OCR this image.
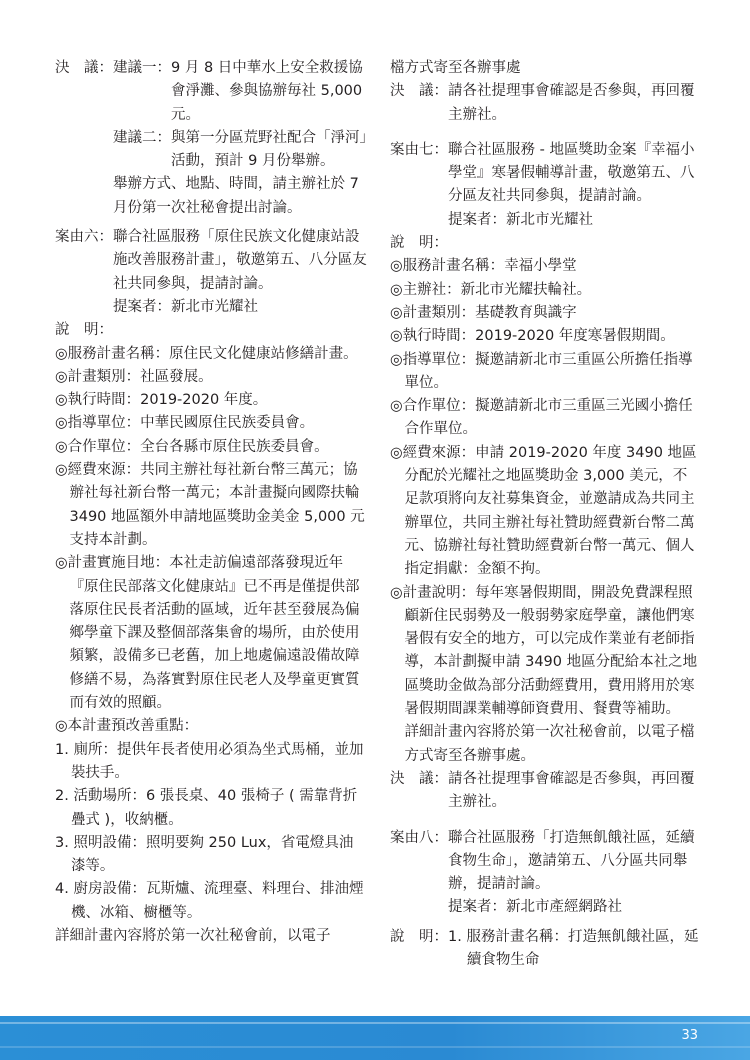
決　議： 建議一： 9 月 8 日中華水上安全救援協會淨灘、參與協辦毎社 5,000 元。
建議二： 與第一分區荒野社配合「淨河」活動，預計 9 月份舉辦。
舉辦方式、地點、時間，請主辦社於 7 月份第一次社秘會提出討論。
案由六： 聯合社區服務「原住民族文化健康站設施改善服務計畫」，敬邀第五、八分區友社共同參與，提請討論。
提案者：新北市光耀社
說　明：
◎服務計畫名稱：原住民文化健康站修繕計畫。
◎計畫類別：社區發展。
◎執行時間：2019-2020 年度。
◎指導單位：中華民國原住民族委員會。
◎合作單位：全台各縣市原住民族委員會。
◎經費來源：共同主辦社每社新台幣三萬元；協辦社每社新台幣一萬元；本計畫擬向國際扶輪 3490 地區額外申請地區獎助金美金 5,000 元支持本計劃。
◎計畫實施目地：本社走訪偏遠部落發現近年『原住民部落文化健康站』已不再是僅提供部落原住民長者活動的區域，近年甚至發展為偏鄉學童下課及整個部落集會的場所，由於使用頻繁，設備多已老舊，加上地處偏遠設備故障修繕不易，為落實對原住民老人及學童更實質而有效的照顧。
◎本計畫預改善重點：
1. 廁所：提供年長者使用必須為坐式馬桶，並加裝扶手。
2. 活動場所：6 張長桌、40 張椅子 ( 需靠背折疊式 )，收納櫃。
3. 照明設備：照明要夠 250 Lux，省電燈具油漆等。
4. 廚房設備：瓦斯爐、流理臺、料理台、排油煙機、冰箱、櫥櫃等。
詳細計畫內容將於第一次社秘會前，以電子
檔方式寄至各辦事處
決　議： 請各社提理事會確認是否參與，再回覆主辦社。
案由七： 聯合社區服務 - 地區獎助金案『幸福小學堂』寒暑假輔導計畫，敬邀第五、八分區友社共同參與，提請討論。
提案者：新北市光耀社
說　明：
◎服務計畫名稱：幸福小學堂
◎主辦社：新北市光耀扶輪社。
◎計畫類別：基礎教育與識字
◎執行時間：2019-2020 年度寒暑假期間。
◎指導單位：擬邀請新北市三重區公所擔任指導單位。
◎合作單位：擬邀請新北市三重區三光國小擔任合作單位。
◎經費來源：申請 2019-2020 年度 3490 地區分配於光耀社之地區獎助金 3,000 美元，不足款項將向友社募集資金，並邀請成為共同主辦單位，共同主辦社每社贊助經費新台幣二萬元、協辦社每社贊助經費新台幣一萬元、個人指定捐獻：金額不拘。
◎計畫說明：每年寒暑假期間，開設免費課程照顧新住民弱勢及一般弱勢家庭學童，讓他們寒暑假有安全的地方，可以完成作業並有老師指導，本計劃擬申請 3490 地區分配給本社之地區獎助金做為部分活動經費用，費用將用於寒暑假期間課業輔導師資費用、餐費等補助。
詳細計畫內容將於第一次社秘會前，以電子檔方式寄至各辦事處。
決　議： 請各社提理事會確認是否參與，再回覆主辦社。
案由八： 聯合社區服務「打造無飢餓社區，延續食物生命」，邀請第五、八分區共同舉辦，提請討論。
提案者：新北市產經網路社
說　明： 1. 服務計畫名稱：打造無飢餓社區，延續食物生命
33
